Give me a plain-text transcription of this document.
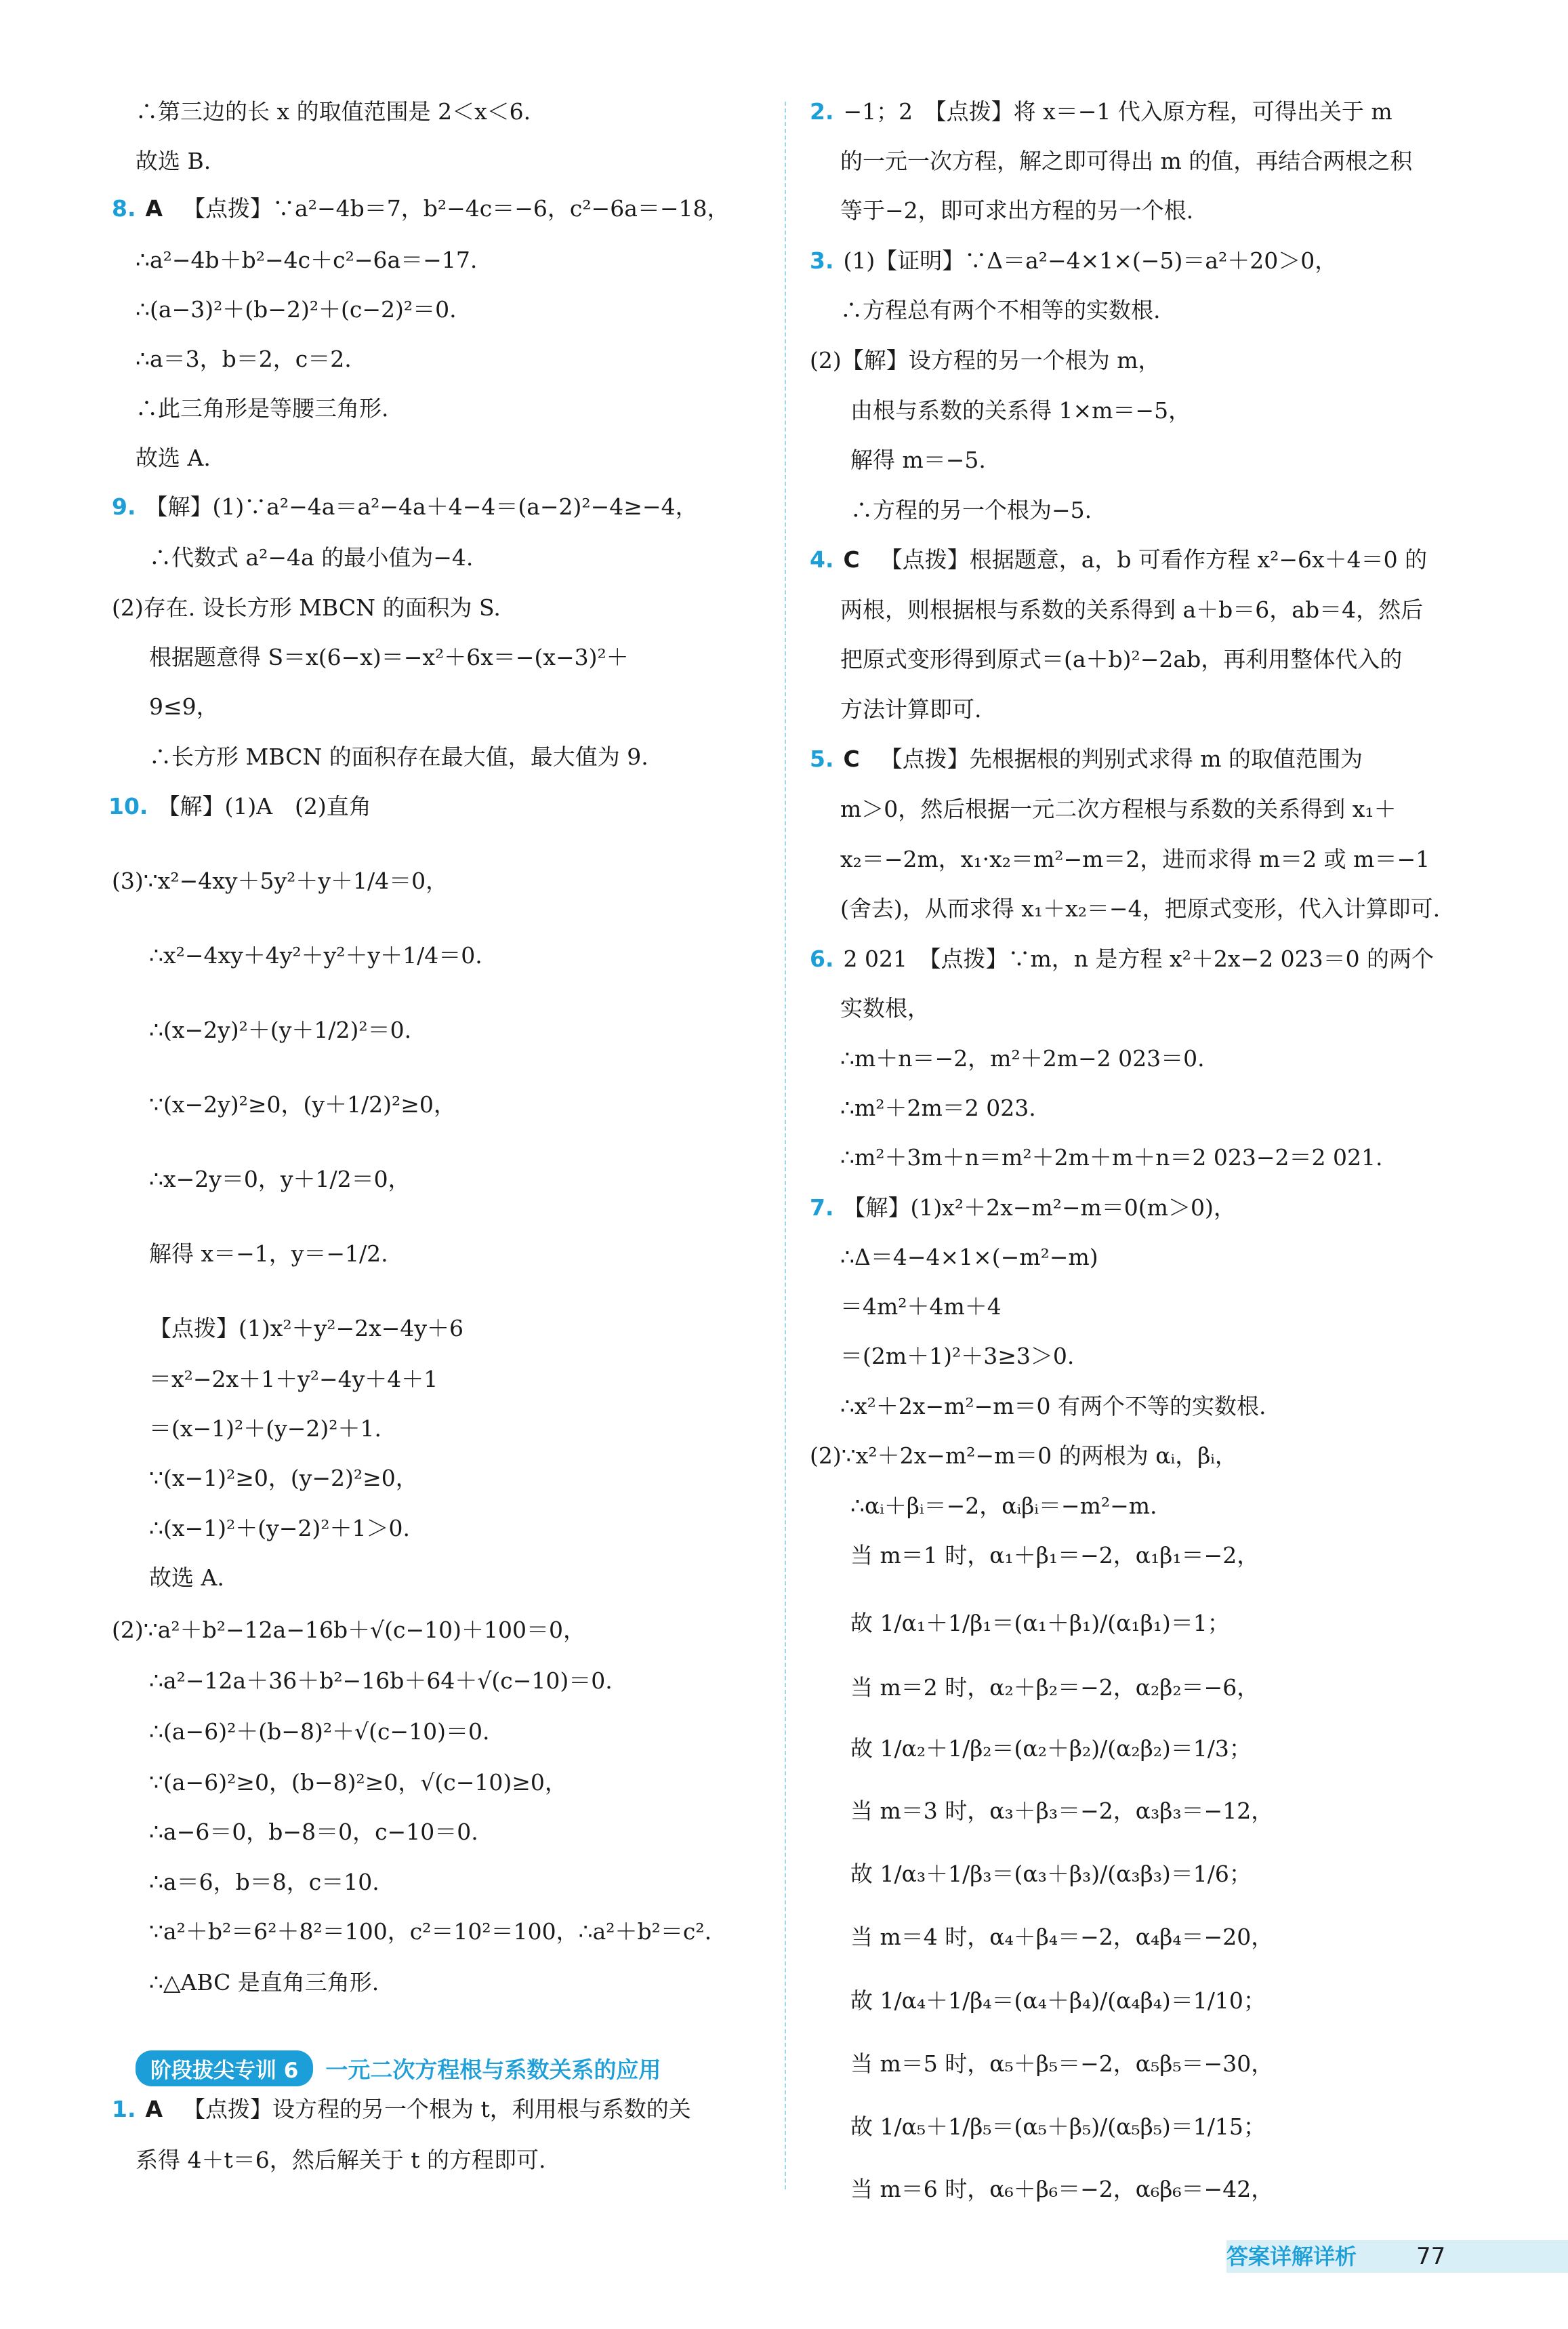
∴第三边的长 x 的取值范围是 2＜x＜6.
故选 B.
8. A 【点拨】∵a²−4b＝7，b²−4c＝−6，c²−6a＝−18，
∴a²−4b＋b²−4c＋c²−6a＝−17.
∴(a−3)²＋(b−2)²＋(c−2)²＝0.
∴a＝3，b＝2，c＝2.
∴此三角形是等腰三角形.
故选 A.
9. 【解】(1)∵a²−4a＝a²−4a＋4−4＝(a−2)²−4≥−4，
∴代数式 a²−4a 的最小值为−4.
(2)存在. 设长方形 MBCN 的面积为 S.
根据题意得 S＝x(6−x)＝−x²＋6x＝−(x−3)²＋
9≤9，
∴长方形 MBCN 的面积存在最大值，最大值为 9.
10. 【解】(1)A　(2)直角
(3)∵x²−4xy＋5y²＋y＋1/4＝0，
∴x²−4xy＋4y²＋y²＋y＋1/4＝0.
∴(x−2y)²＋(y＋1/2)²＝0.
∵(x−2y)²≥0，(y＋1/2)²≥0，
∴x−2y＝0，y＋1/2＝0，
解得 x＝−1，y＝−1/2.
【点拨】(1)x²＋y²−2x−4y＋6
＝x²−2x＋1＋y²−4y＋4＋1
＝(x−1)²＋(y−2)²＋1.
∵(x−1)²≥0，(y−2)²≥0，
∴(x−1)²＋(y−2)²＋1＞0.
故选 A.
(2)∵a²＋b²−12a−16b＋√(c−10)＋100＝0，
∴a²−12a＋36＋b²−16b＋64＋√(c−10)＝0.
∴(a−6)²＋(b−8)²＋√(c−10)＝0.
∵(a−6)²≥0，(b−8)²≥0，√(c−10)≥0，
∴a−6＝0，b−8＝0，c−10＝0.
∴a＝6，b＝8，c＝10.
∵a²＋b²＝6²＋8²＝100，c²＝10²＝100，∴a²＋b²＝c².
∴△ABC 是直角三角形.
1. A 【点拨】设方程的另一个根为 t，利用根与系数的关
系得 4＋t＝6，然后解关于 t 的方程即可.
2. −1；2　【点拨】将 x＝−1 代入原方程，可得出关于 m
的一元一次方程，解之即可得出 m 的值，再结合两根之积
等于−2，即可求出方程的另一个根.
3. (1)【证明】∵Δ＝a²−4×1×(−5)＝a²＋20＞0，
∴方程总有两个不相等的实数根.
(2)【解】设方程的另一个根为 m，
由根与系数的关系得 1×m＝−5，
解得 m＝−5.
∴方程的另一个根为−5.
4. C 【点拨】根据题意，a，b 可看作方程 x²−6x＋4＝0 的
两根，则根据根与系数的关系得到 a＋b＝6，ab＝4，然后
把原式变形得到原式＝(a＋b)²−2ab，再利用整体代入的
方法计算即可.
5. C 【点拨】先根据根的判别式求得 m 的取值范围为
m＞0，然后根据一元二次方程根与系数的关系得到 x₁＋
x₂＝−2m，x₁·x₂＝m²−m＝2，进而求得 m＝2 或 m＝−1
(舍去)，从而求得 x₁＋x₂＝−4，把原式变形，代入计算即可.
6. 2 021　【点拨】∵m，n 是方程 x²＋2x−2 023＝0 的两个
实数根，
∴m＋n＝−2，m²＋2m−2 023＝0.
∴m²＋2m＝2 023.
∴m²＋3m＋n＝m²＋2m＋m＋n＝2 023−2＝2 021.
7. 【解】(1)x²＋2x−m²−m＝0(m＞0)，
∴Δ＝4−4×1×(−m²−m)
＝4m²＋4m＋4
＝(2m＋1)²＋3≥3＞0.
∴x²＋2x−m²−m＝0 有两个不等的实数根.
(2)∵x²＋2x−m²−m＝0 的两根为 αᵢ，βᵢ，
∴αᵢ＋βᵢ＝−2，αᵢβᵢ＝−m²−m.
当 m＝1 时，α₁＋β₁＝−2，α₁β₁＝−2，
故 1/α₁＋1/β₁＝(α₁＋β₁)/(α₁β₁)＝1；
当 m＝2 时，α₂＋β₂＝−2，α₂β₂＝−6，
故 1/α₂＋1/β₂＝(α₂＋β₂)/(α₂β₂)＝1/3；
当 m＝3 时，α₃＋β₃＝−2，α₃β₃＝−12，
故 1/α₃＋1/β₃＝(α₃＋β₃)/(α₃β₃)＝1/6；
当 m＝4 时，α₄＋β₄＝−2，α₄β₄＝−20，
故 1/α₄＋1/β₄＝(α₄＋β₄)/(α₄β₄)＝1/10；
当 m＝5 时，α₅＋β₅＝−2，α₅β₅＝−30，
故 1/α₅＋1/β₅＝(α₅＋β₅)/(α₅β₅)＝1/15；
当 m＝6 时，α₆＋β₆＝−2，α₆β₆＝−42，
阶段拔尖专训 6	一元二次方程根与系数关系的应用
答案详解详析	77
